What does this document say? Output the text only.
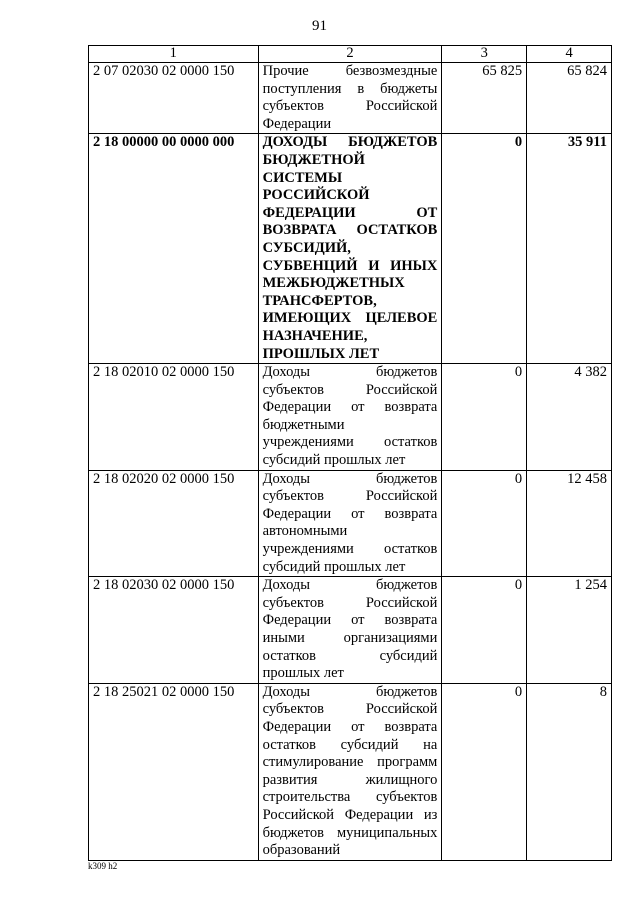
91
1	2	3	4
2 07 02030 02 0000 150	Прочие безвозмездные поступления в бюджеты субъектов Российской Федерации	65 825	65 824
2 18 00000 00 0000 000	ДОХОДЫ БЮДЖЕТОВ БЮДЖЕТНОЙ СИСТЕМЫ РОССИЙСКОЙ ФЕДЕРАЦИИ ОТ ВОЗВРАТА ОСТАТКОВ СУБСИДИЙ, СУБВЕНЦИЙ И ИНЫХ МЕЖБЮДЖЕТНЫХ ТРАНСФЕРТОВ, ИМЕЮЩИХ ЦЕЛЕВОЕ НАЗНАЧЕНИЕ, ПРОШЛЫХ ЛЕТ	0	35 911
2 18 02010 02 0000 150	Доходы бюджетов субъектов Российской Федерации от возврата бюджетными учреждениями остатков субсидий прошлых лет	0	4 382
2 18 02020 02 0000 150	Доходы бюджетов субъектов Российской Федерации от возврата автономными учреждениями остатков субсидий прошлых лет	0	12 458
2 18 02030 02 0000 150	Доходы бюджетов субъектов Российской Федерации от возврата иными организациями остатков субсидий прошлых лет	0	1 254
2 18 25021 02 0000 150	Доходы бюджетов субъектов Российской Федерации от возврата остатков субсидий на стимулирование программ развития жилищного строительства субъектов Российской Федерации из бюджетов муниципальных образований	0	8
k309 h2
